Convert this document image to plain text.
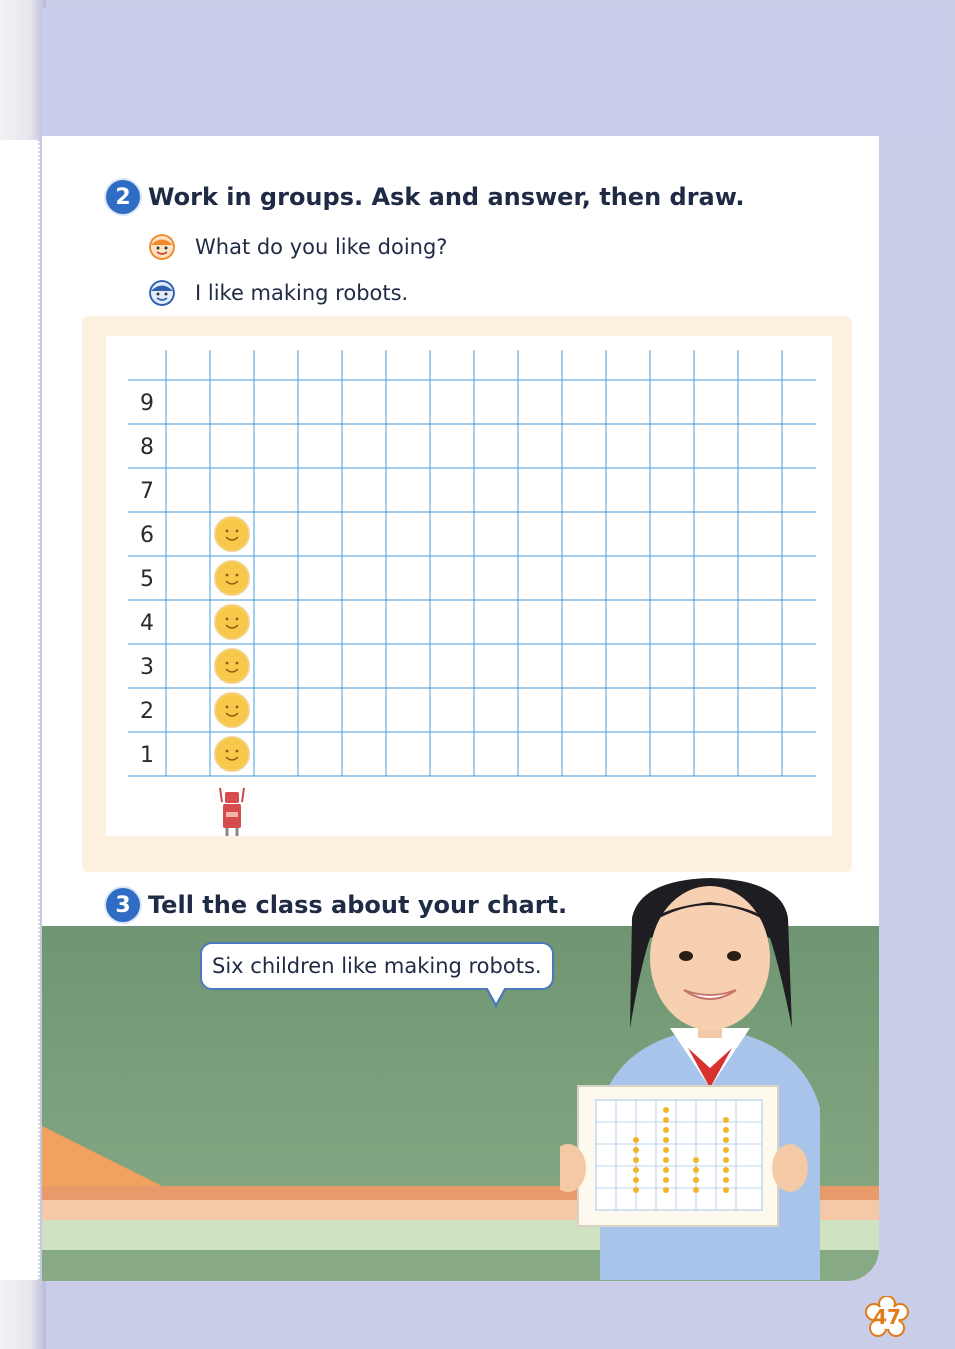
2 Work in groups. Ask and answer, then draw.
What do you like doing?
I like making robots.
1
2
3
4
5
6
7
8
9
3 Tell the class about your chart.
Six children like making robots.
47
